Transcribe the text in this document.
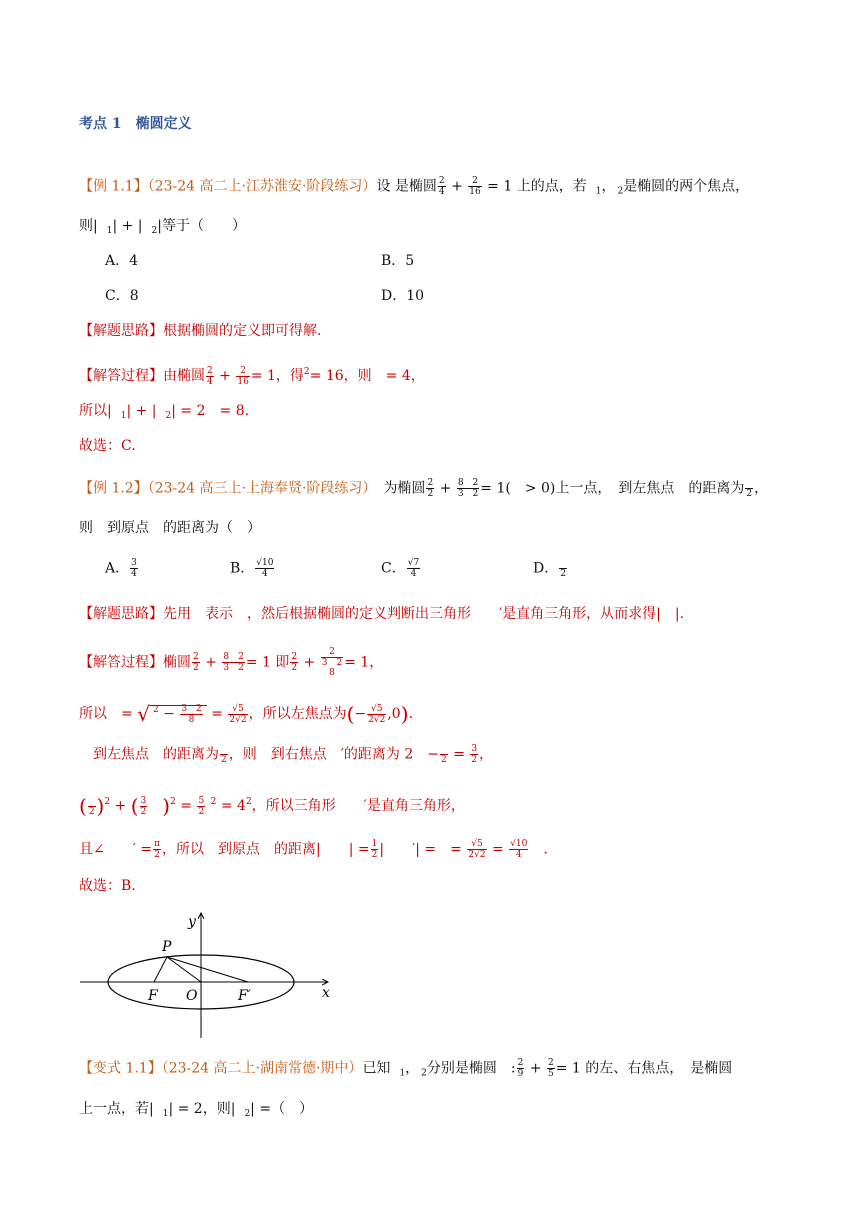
考点 1　椭圆定义
【例 1.1】（23-24 高二上·江苏淮安·阶段练习）设 是椭圆 $\frac{2}{4} + \frac{2}{16} = 1$ 上的点，若　$_1$，　$_2$是椭圆的两个焦点，
则|　$_1$| + |　$_2$|等于（　　）
A．4	B．5
C．8	D．10
【解题思路】根据椭圆的定义即可得解.
【解答过程】由椭圆 $\frac{2}{4} + \frac{2}{16} = 1$，得$^2$= 16，则　= 4，
所以|　$_1$| + |　$_2$| = 2　= 8.
故选：C.
【例 1.2】（23-24 高三上·上海奉贤·阶段练习）　 为椭圆 $\frac{2}{2} + \frac{8 2}{3 2} = 1$(　> 0)上一点，　到左焦点　的距离为
2 ，
则　到原点　的距离为（　）
A． $\frac{3}{4}$	B． $\frac{√10}{4}$	C． $\frac{√7}{4}$	D．
2
【解题思路】先用　表示　，然后根据椭圆的定义判断出三角形　　′是直角三角形，从而求得|　|.
【解答过程】椭圆 $\frac{2}{2} + \frac{8 2}{3 2} = 1$ 即 $\frac{2}{2}$ +
2
3　2
8
= 1，
所以　= √ $^2 - \frac{3 2}{8} = \frac{√5}{2√2}$ ，所以左焦点为(− $\frac{√5}{2√2} ,0$).
　到左焦点　的距离为
2 ，则　到右焦点　′的距离为 2　−
$2 = \frac{3}{2}$ ，
(
2 )$^2$ + ( $\frac{3}{2}$
　 )$^2 = \frac{5}{2} ^2 = 4^2$，所以三角形　　′是直角三角形，
且∠　　′ = $\frac{\pi}{2}$ ，所以　到原点　的距离|　　| = $\frac{1}{2}$ |　　′| =　= $\frac{√5}{2√2} = \frac{√10}{4}$
　 .
故选：B.
y
x
P
F O	F′
【变式 1.1】（23-24 高二上·湖南常德·期中）已知　$_1$，　$_2$分别是椭圆　: $\frac{2}{9} + \frac{2}{5} = 1$ 的左、右焦点，　是椭圆
上一点，若|　$_1$| = 2，则|　$_2$| =（　）
